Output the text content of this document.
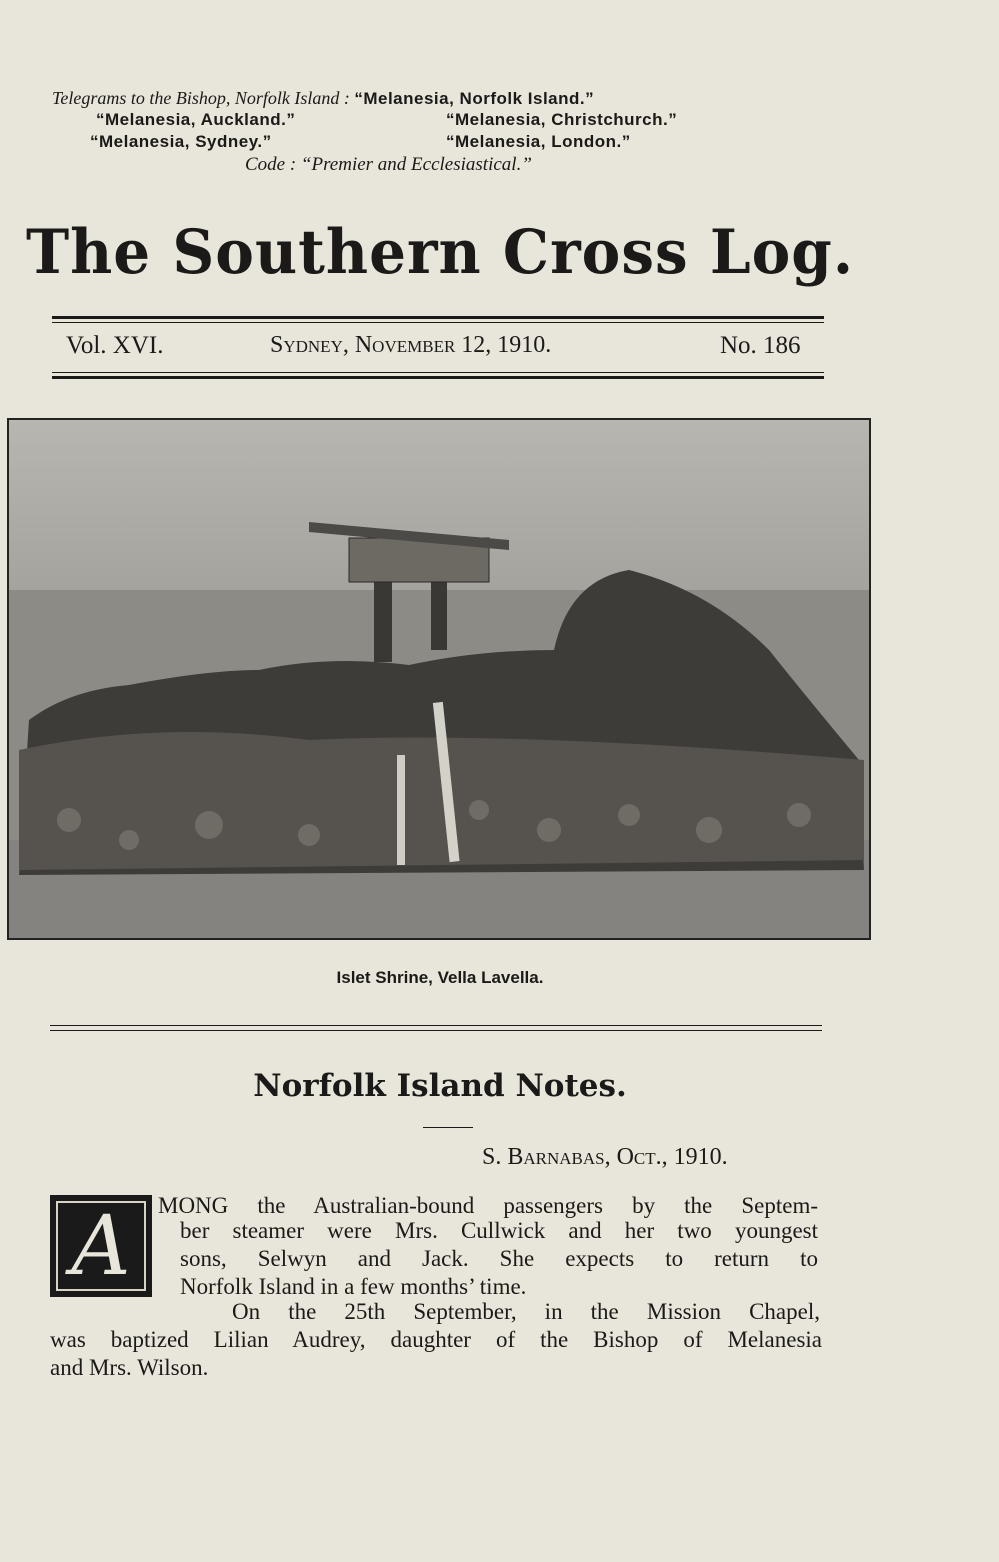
Telegrams to the Bishop, Norfolk Island : “Melanesia, Norfolk Island.”
“Melanesia, Auckland.”	“Melanesia, Christchurch.”
“Melanesia, Sydney.”	“Melanesia, London.”
Code : “Premier and Ecclesiastical.”
The Southern Cross Log.
Vol. XVI.	Sydney, November 12, 1910.	No. 186
Islet Shrine, Vella Lavella.
Norfolk Island Notes.
S. Barnabas, Oct., 1910.
A	MONG the Australian-bound passengers by the Septem-
ber steamer were Mrs. Cullwick and her two youngest
sons, Selwyn and Jack. She expects to return to
Norfolk Island in a few months’ time.
On the 25th September, in the Mission Chapel,
was baptized Lilian Audrey, daughter of the Bishop of Melanesia
and Mrs. Wilson.
